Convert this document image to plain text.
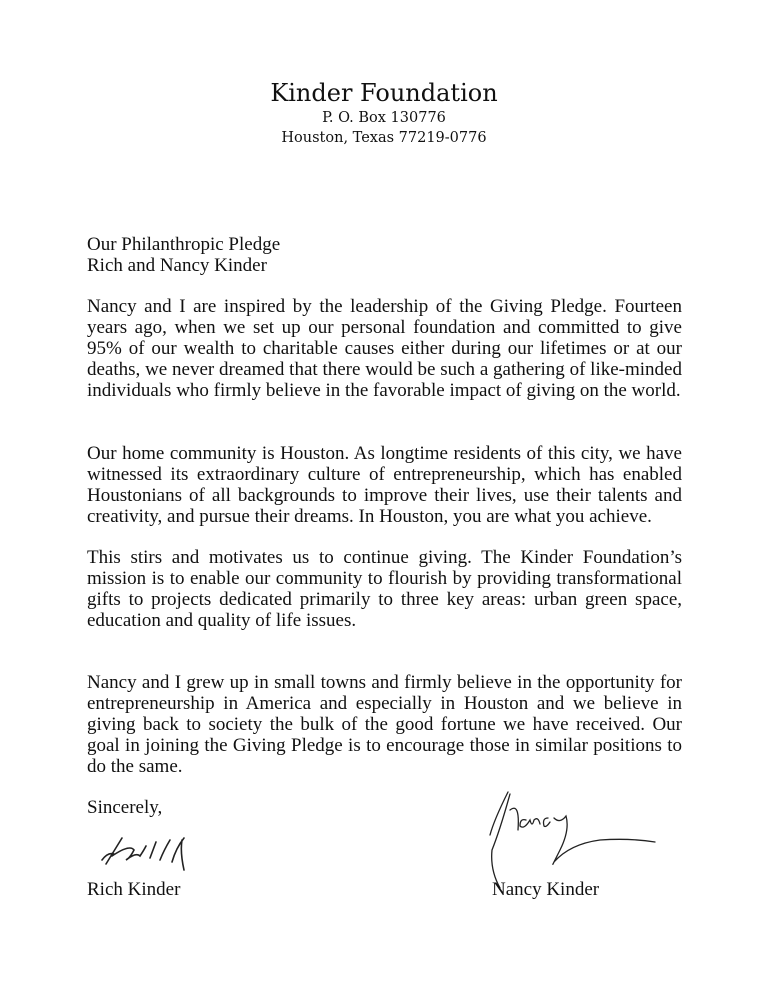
Kinder Foundation
P. O. Box 130776
Houston, Texas 77219-0776
Our Philanthropic Pledge
Rich and Nancy Kinder

Nancy and I are inspired by the leadership of the Giving Pledge. Fourteen years ago, when we set up our personal foundation and committed to give 95% of our wealth to charitable causes either during our lifetimes or at our deaths, we never dreamed that there would be such a gathering of like-minded individuals who firmly believe in the favorable impact of giving on the world.

Our home community is Houston. As longtime residents of this city, we have witnessed its extraordinary culture of entrepreneurship, which has enabled Houstonians of all backgrounds to improve their lives, use their talents and creativity, and pursue their dreams. In Houston, you are what you achieve.

This stirs and motivates us to continue giving. The Kinder Foundation’s mission is to enable our community to flourish by providing transformational gifts to projects dedicated primarily to three key areas: urban green space, education and quality of life issues.

Nancy and I grew up in small towns and firmly believe in the opportunity for entrepreneurship in America and especially in Houston and we believe in giving back to society the bulk of the good fortune we have received. Our goal in joining the Giving Pledge is to encourage those in similar positions to do the same.

Sincerely,
Rich Kinder	Nancy Kinder
